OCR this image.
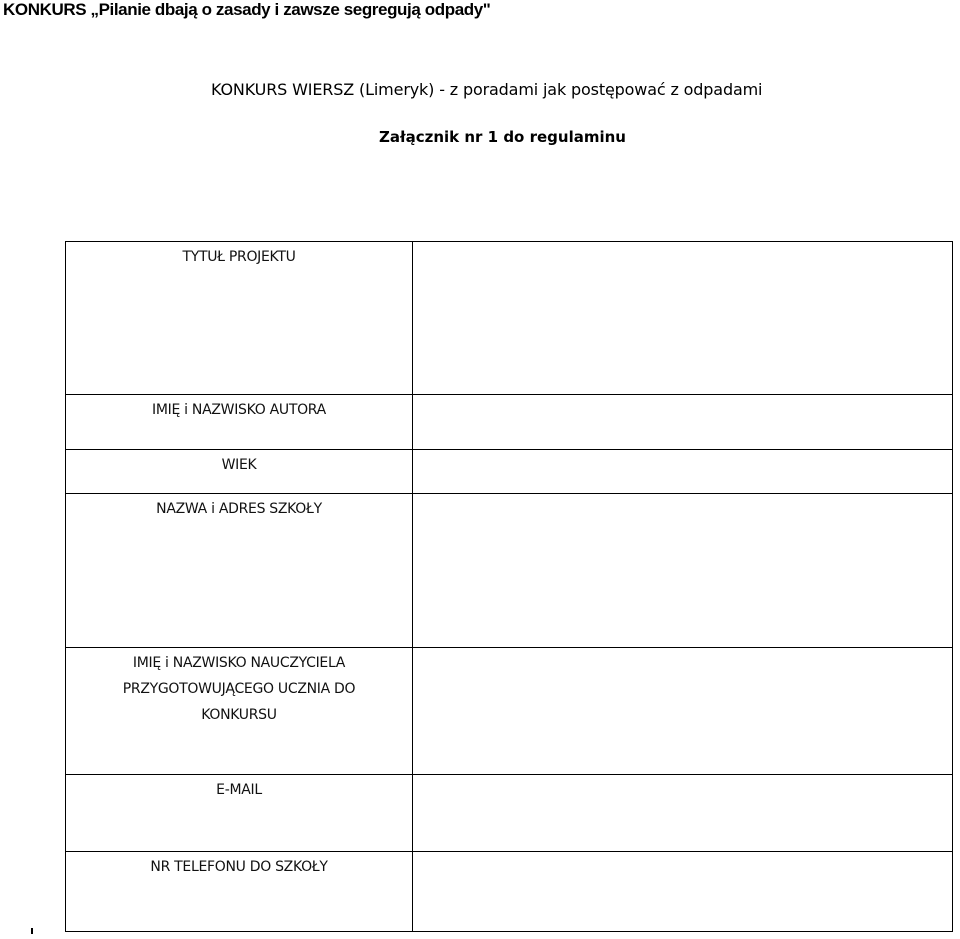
KONKURS „Pilanie dbają o zasady i zawsze segregują odpady"
KONKURS WIERSZ (Limeryk) - z poradami jak postępować z odpadami
Załącznik nr 1 do regulaminu
TYTUŁ PROJEKTU	

IMIĘ i NAZWISKO AUTORA	

WIEK	

NAZWA i ADRES SZKOŁY	

IMIĘ i NAZWISKO NAUCZYCIELA PRZYGOTOWUJĄCEGO UCZNIA DO KONKURSU	

E-MAIL	

NR TELEFONU DO SZKOŁY	
